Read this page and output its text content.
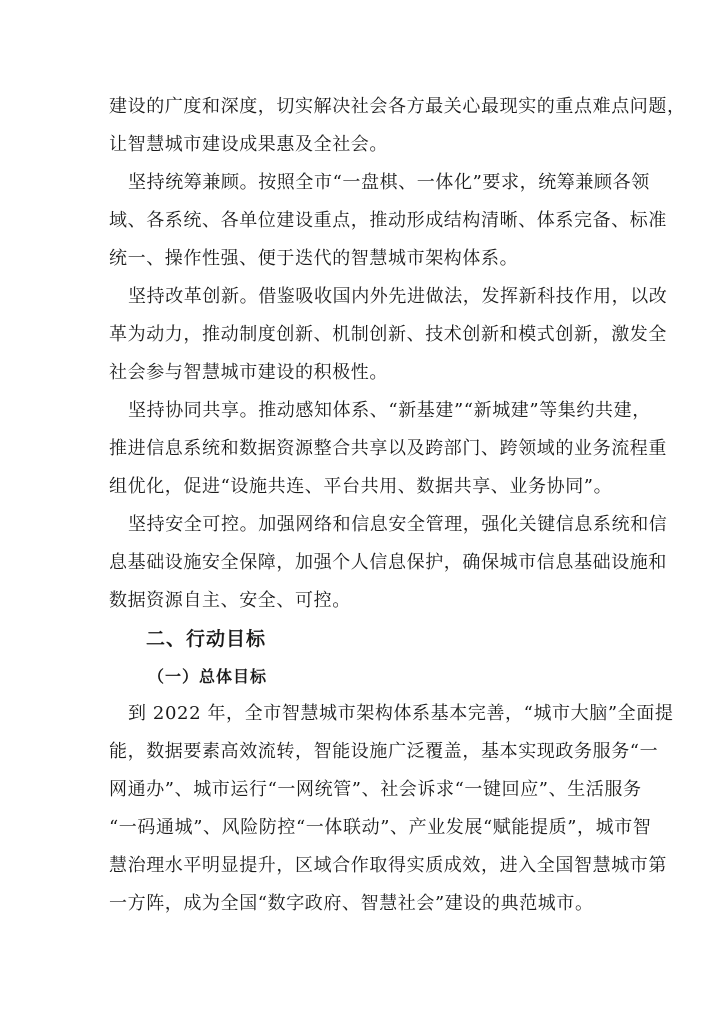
建设的广度和深度，切实解决社会各方最关心最现实的重点难点问题，
让智慧城市建设成果惠及全社会。
坚持统筹兼顾。按照全市“一盘棋、一体化”要求，统筹兼顾各领
域、各系统、各单位建设重点，推动形成结构清晰、体系完备、标准
统一、操作性强、便于迭代的智慧城市架构体系。
坚持改革创新。借鉴吸收国内外先进做法，发挥新科技作用，以改
革为动力，推动制度创新、机制创新、技术创新和模式创新，激发全
社会参与智慧城市建设的积极性。
坚持协同共享。推动感知体系、“新基建”“新城建”等集约共建，
推进信息系统和数据资源整合共享以及跨部门、跨领域的业务流程重
组优化，促进“设施共连、平台共用、数据共享、业务协同”。
坚持安全可控。加强网络和信息安全管理，强化关键信息系统和信
息基础设施安全保障，加强个人信息保护，确保城市信息基础设施和
数据资源自主、安全、可控。
二、行动目标
（一）总体目标
到 2022 年，全市智慧城市架构体系基本完善，“城市大脑”全面提
能，数据要素高效流转，智能设施广泛覆盖，基本实现政务服务“一
网通办”、城市运行“一网统管”、社会诉求“一键回应”、生活服务
“一码通城”、风险防控“一体联动”、产业发展“赋能提质”，城市智
慧治理水平明显提升，区域合作取得实质成效，进入全国智慧城市第
一方阵，成为全国“数字政府、智慧社会”建设的典范城市。
